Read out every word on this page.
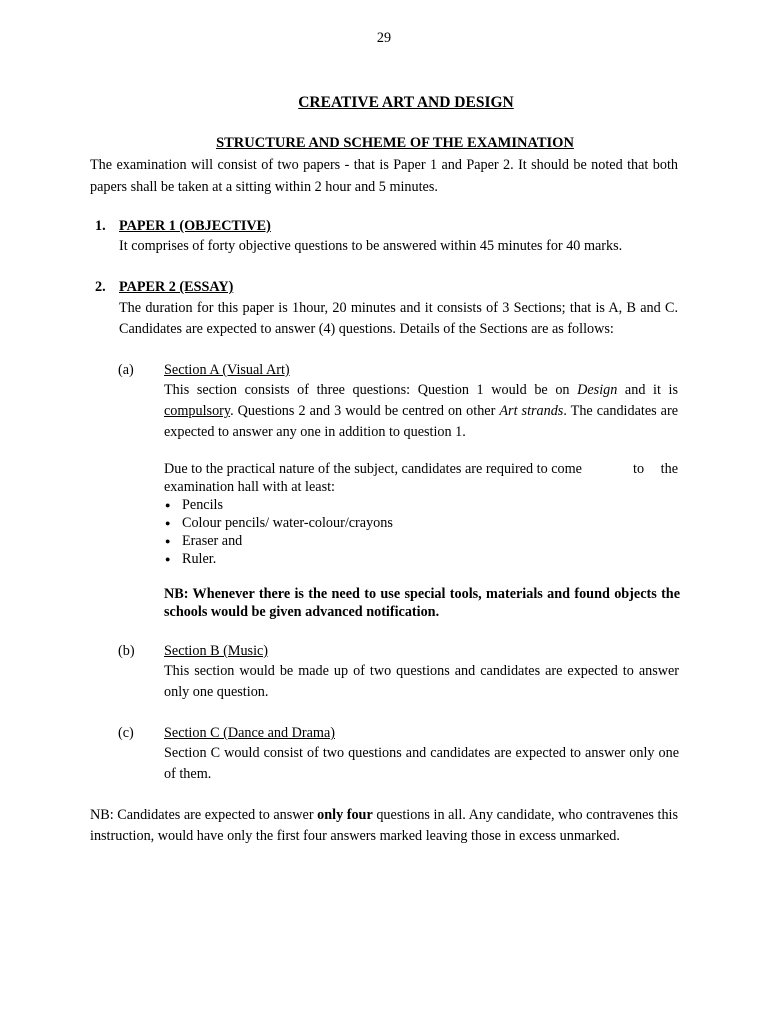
29
CREATIVE ART AND DESIGN
STRUCTURE AND SCHEME OF THE EXAMINATION
The examination will consist of two papers - that is Paper 1 and Paper 2. It should be noted that both papers shall be taken at a sitting within 2 hour and 5 minutes.
1. PAPER 1 (OBJECTIVE)
It comprises of forty objective questions to be answered within 45 minutes for 40 marks.
2. PAPER 2 (ESSAY)
The duration for this paper is 1hour, 20 minutes and it consists of 3 Sections; that is A, B and C. Candidates are expected to answer (4) questions. Details of the Sections are as follows:
(a) Section A (Visual Art)
This section consists of three questions: Question 1 would be on Design and it is compulsory. Questions 2 and 3 would be centred on other Art strands. The candidates are expected to answer any one in addition to question 1.
Due to the practical nature of the subject, candidates are required to come	to the
examination hall with at least:
● Pencils
● Colour pencils/ water-colour/crayons
● Eraser and
● Ruler.
NB: Whenever there is the need to use special tools, materials and found objects the schools would be given advanced notification.
(b) Section B (Music)
This section would be made up of two questions and candidates are expected to answer only one question.
(c) Section C (Dance and Drama)
Section C would consist of two questions and candidates are expected to answer only one of them.
NB: Candidates are expected to answer only four questions in all. Any candidate, who contravenes this instruction, would have only the first four answers marked leaving those in excess unmarked.
